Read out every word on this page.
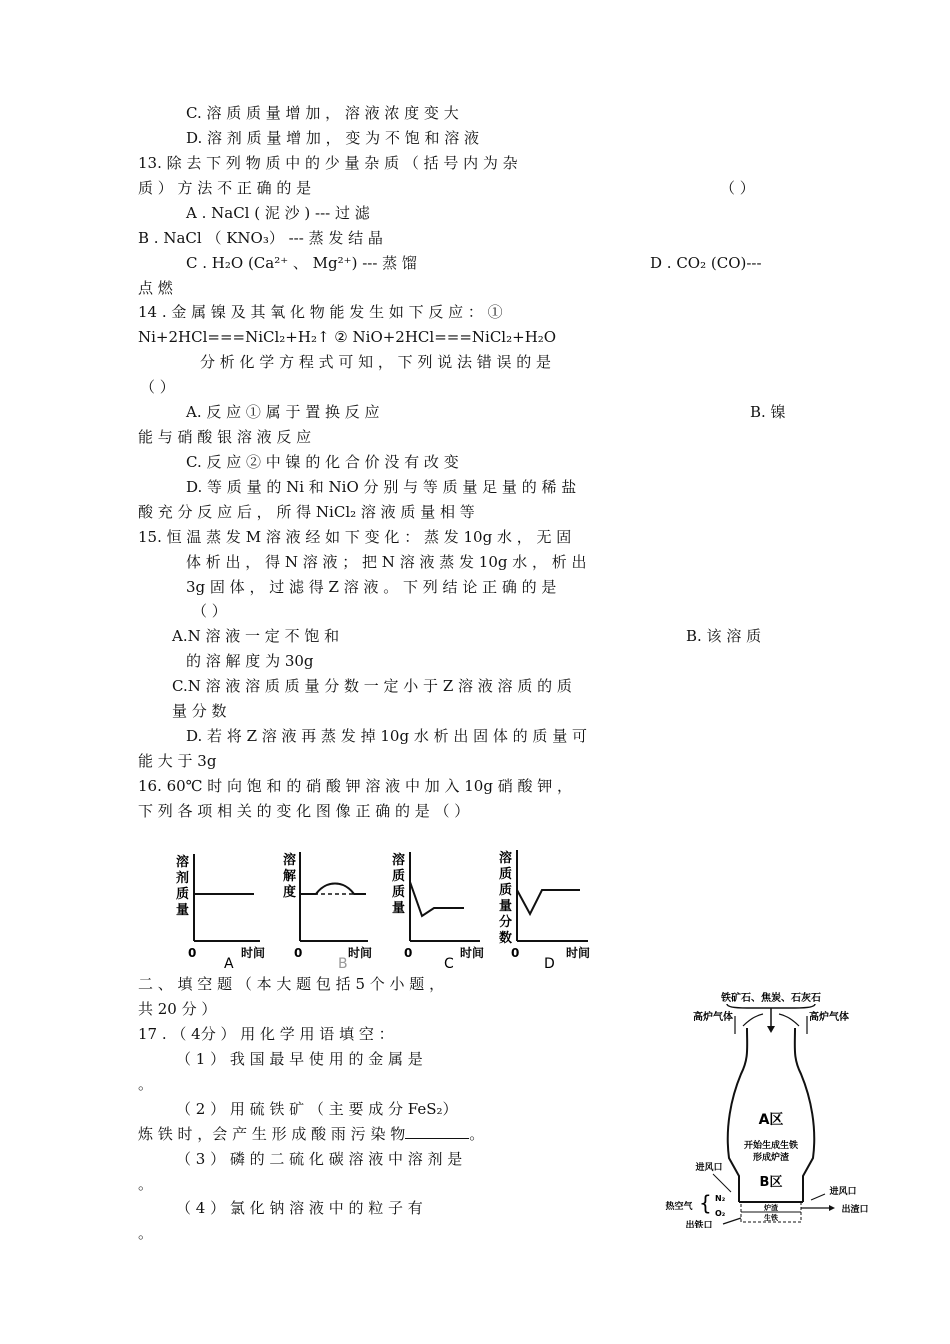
C. 溶 质 质 量 增 加 ， 溶 液 浓 度 变 大
D. 溶 剂 质 量 增 加 ， 变 为 不 饱 和 溶 液
13. 除 去 下 列 物 质 中 的 少 量 杂 质 （ 括 号 内 为 杂
质 ） 方 法 不 正 确 的 是	（ ）
A . NaCl ( 泥 沙 ) --- 过 滤
B . NaCl （ KNO₃） --- 蒸 发 结 晶
C . H₂O (Ca²⁺ 、 Mg²⁺) --- 蒸 馏	D . CO₂ (CO)---
点 燃
14 . 金 属 镍 及 其 氧 化 物 能 发 生 如 下 反 应 ： ①
Ni+2HCl===NiCl₂+H₂↑ ② NiO+2HCl===NiCl₂+H₂O
分 析 化 学 方 程 式 可 知 ， 下 列 说 法 错 误 的 是
（ ）
A. 反 应 ① 属 于 置 换 反 应	B. 镍
能 与 硝 酸 银 溶 液 反 应
C. 反 应 ② 中 镍 的 化 合 价 没 有 改 变
D. 等 质 量 的 Ni 和 NiO 分 别 与 等 质 量 足 量 的 稀 盐
酸 充 分 反 应 后 ， 所 得 NiCl₂ 溶 液 质 量 相 等
15. 恒 温 蒸 发 M 溶 液 经 如 下 变 化 ： 蒸 发 10g 水 ， 无 固
体 析 出 ， 得 N 溶 液 ； 把 N 溶 液 蒸 发 10g 水 ， 析 出
3g 固 体 ， 过 滤 得 Z 溶 液 。 下 列 结 论 正 确 的 是
（ ）
A.N 溶 液 一 定 不 饱 和	B. 该 溶 质
的 溶 解 度 为 30g
C.N 溶 液 溶 质 质 量 分 数 一 定 小 于 Z 溶 液 溶 质 的 质
量 分 数
D. 若 将 Z 溶 液 再 蒸 发 掉 10g 水 析 出 固 体 的 质 量 可
能 大 于 3g
16. 60℃ 时 向 饱 和 的 硝 酸 钾 溶 液 中 加 入 10g 硝 酸 钾 ，
下 列 各 项 相 关 的 变 化 图 像 正 确 的 是 （ ）
溶
剂
质
量
0	时间
A
溶
解
度
0	时间
B
溶
质
质
量
0	时间
C
溶
质
质
量
分
数
0	时间
D
二 、 填 空 题 （ 本 大 题 包 括 5 个 小 题 ，
共 20 分 ）
17 . （ 4分 ） 用 化 学 用 语 填 空 ：
（ 1 ） 我 国 最 早 使 用 的 金 属 是
。
（ 2 ） 用 硫 铁 矿 （ 主 要 成 分 FeS₂）
炼 铁 时 ，会 产 生 形 成 酸 雨 污 染 物	。
（ 3 ） 磷 的 二 硫 化 碳 溶 液 中 溶 剂 是
。
（ 4 ） 氯 化 钠 溶 液 中 的 粒 子 有
。
铁矿石、焦炭、石灰石
高炉气体	高炉气体
A区
开始生成生铁
形成炉渣
B区
进风口
进风口
热空气 { N₂
O₂
炉渣
生铁
出渣口
出铁口
